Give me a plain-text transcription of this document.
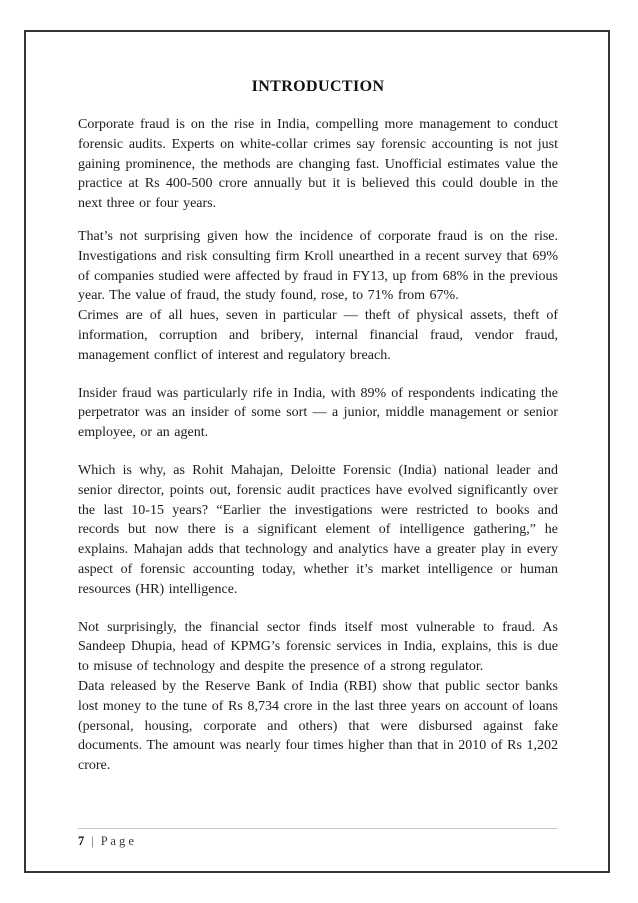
INTRODUCTION

Corporate fraud is on the rise in India, compelling more management to conduct forensic audits. Experts on white-collar crimes say forensic accounting is not just gaining prominence, the methods are changing fast. Unofficial estimates value the practice at Rs 400-500 crore annually but it is believed this could double in the next three or four years.

That’s not surprising given how the incidence of corporate fraud is on the rise. Investigations and risk consulting firm Kroll unearthed in a recent survey that 69% of companies studied were affected by fraud in FY13, up from 68% in the previous year. The value of fraud, the study found, rose, to 71% from 67%.

Crimes are of all hues, seven in particular — theft of physical assets, theft of information, corruption and bribery, internal financial fraud, vendor fraud, management conflict of interest and regulatory breach.

Insider fraud was particularly rife in India, with 89% of respondents indicating the perpetrator was an insider of some sort — a junior, middle management or senior employee, or an agent.

Which is why, as Rohit Mahajan, Deloitte Forensic (India) national leader and senior director, points out, forensic audit practices have evolved significantly over the last 10-15 years? “Earlier the investigations were restricted to books and records but now there is a significant element of intelligence gathering,” he explains. Mahajan adds that technology and analytics have a greater play in every aspect of forensic accounting today, whether it’s market intelligence or human resources (HR) intelligence.

Not surprisingly, the financial sector finds itself most vulnerable to fraud. As Sandeep Dhupia, head of KPMG’s forensic services in India, explains, this is due to misuse of technology and despite the presence of a strong regulator.

Data released by the Reserve Bank of India (RBI) show that public sector banks lost money to the tune of Rs 8,734 crore in the last three years on account of loans (personal, housing, corporate and others) that were disbursed against fake documents. The amount was nearly four times higher than that in 2010 of Rs 1,202 crore.

7 | P a g e
